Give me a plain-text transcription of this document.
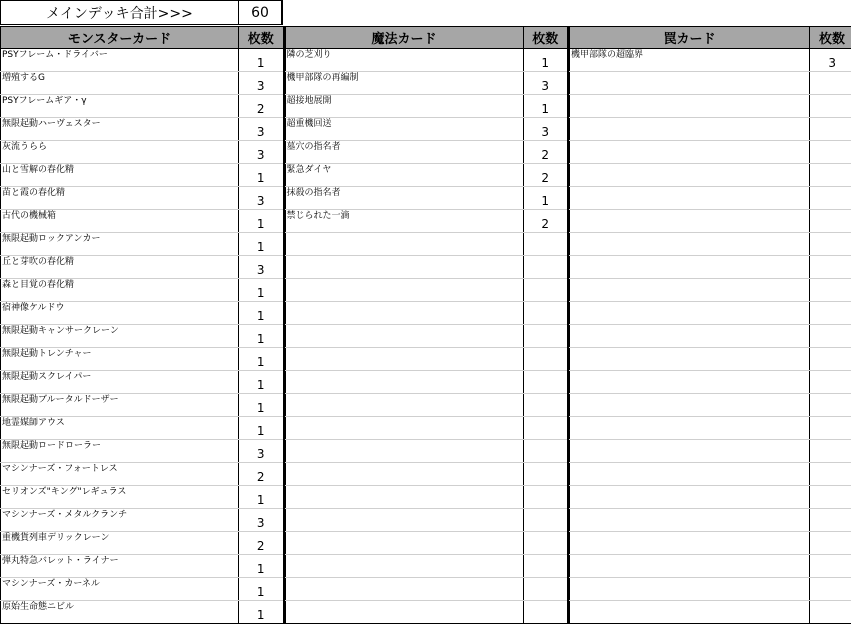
メインデッキ合計>>>	60
モンスターカード	枚数
PSYフレーム・ドライバー	1
増殖するG	3
PSYフレームギア・γ	2
無限起動ハーヴェスター	3
灰流うらら	3
山と雪解の春化精	1
苗と霞の春化精	3
古代の機械箱	1
無限起動ロックアンカー	1
丘と芽吹の春化精	3
森と目覚の春化精	1
宿神像ケルドウ	1
無限起動キャンサークレーン	1
無限起動トレンチャー	1
無限起動スクレイパー	1
無限起動ブルータルドーザー	1
地霊媒師アウス	1
無限起動ロードローラー	3
マシンナーズ・フォートレス	2
セリオンズ"キング"レギュラス	1
マシンナーズ・メタルクランチ	3
重機貨列車デリックレーン	2
弾丸特急バレット・ライナー	1
マシンナーズ・カーネル	1
原始生命態ニビル	1
魔法カード	枚数
隣の芝刈り	1
機甲部隊の再編制	3
超接地展開	1
超重機回送	3
墓穴の指名者	2
緊急ダイヤ	2
抹殺の指名者	1
禁じられた一滴	2

罠カード	枚数
機甲部隊の超臨界	3
